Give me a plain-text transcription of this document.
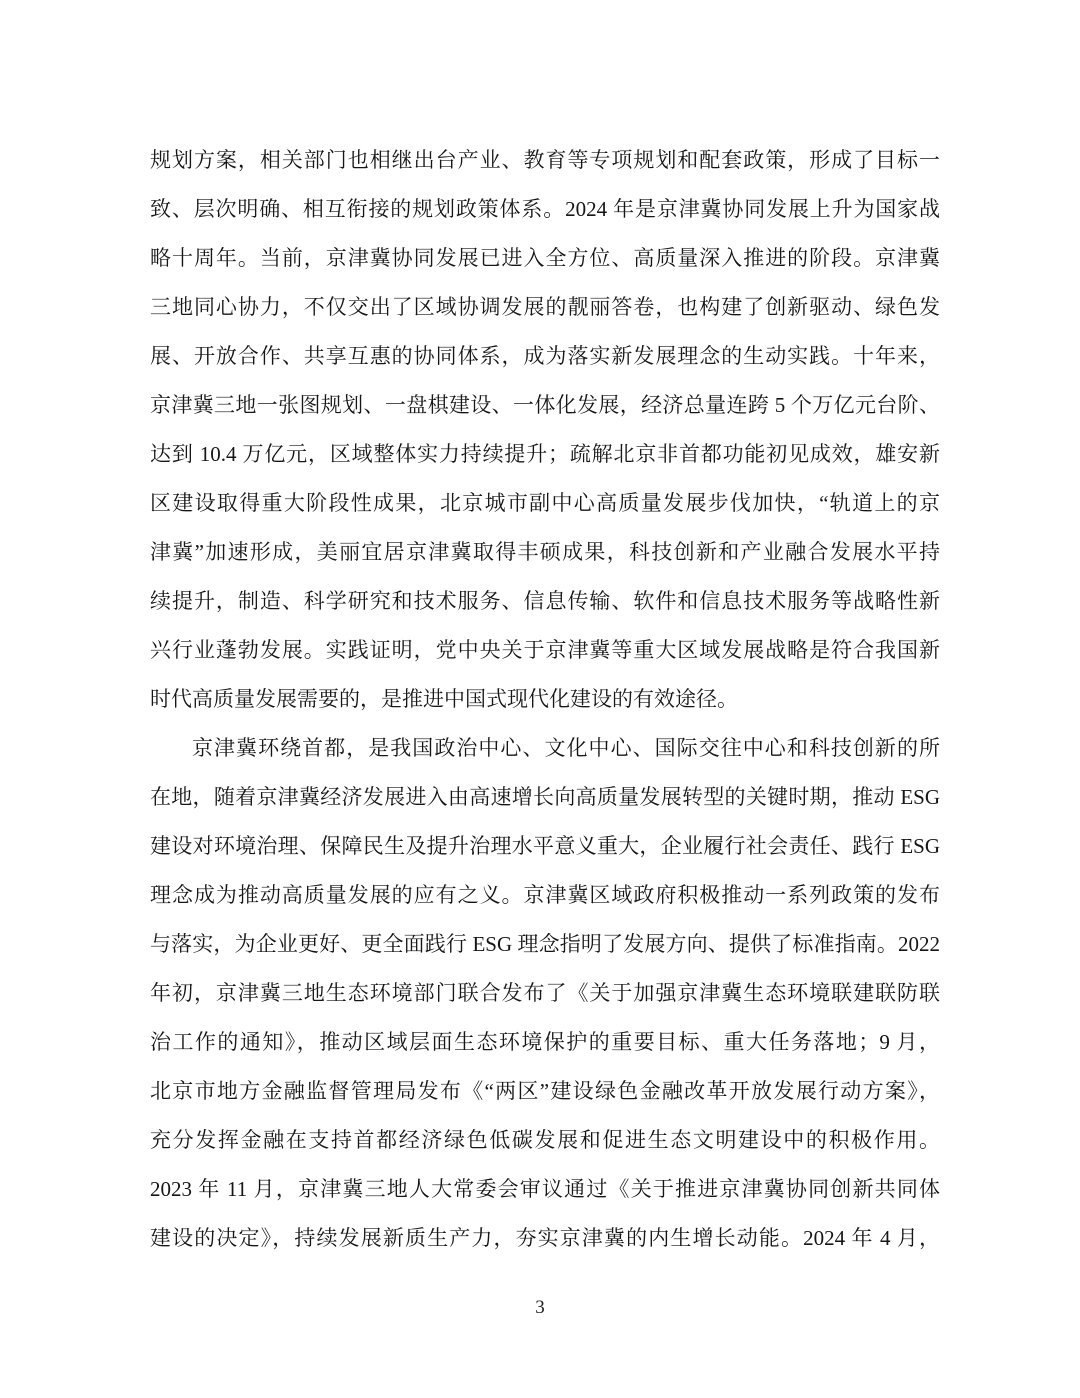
规划方案，相关部门也相继出台产业、教育等专项规划和配套政策，形成了目标一

致、层次明确、相互衔接的规划政策体系。2024 年是京津冀协同发展上升为国家战

略十周年。当前，京津冀协同发展已进入全方位、高质量深入推进的阶段。京津冀

三地同心协力，不仅交出了区域协调发展的靓丽答卷，也构建了创新驱动、绿色发

展、开放合作、共享互惠的协同体系，成为落实新发展理念的生动实践。十年来，

京津冀三地一张图规划、一盘棋建设、一体化发展，经济总量连跨 5 个万亿元台阶、

达到 10.4 万亿元，区域整体实力持续提升；疏解北京非首都功能初见成效，雄安新

区建设取得重大阶段性成果，北京城市副中心高质量发展步伐加快，“轨道上的京

津冀”加速形成，美丽宜居京津冀取得丰硕成果，科技创新和产业融合发展水平持

续提升，制造、科学研究和技术服务、信息传输、软件和信息技术服务等战略性新

兴行业蓬勃发展。实践证明，党中央关于京津冀等重大区域发展战略是符合我国新

时代高质量发展需要的，是推进中国式现代化建设的有效途径。

京津冀环绕首都，是我国政治中心、文化中心、国际交往中心和科技创新的所

在地，随着京津冀经济发展进入由高速增长向高质量发展转型的关键时期，推动 ESG

建设对环境治理、保障民生及提升治理水平意义重大，企业履行社会责任、践行 ESG

理念成为推动高质量发展的应有之义。京津冀区域政府积极推动一系列政策的发布

与落实，为企业更好、更全面践行 ESG 理念指明了发展方向、提供了标准指南。2022

年初，京津冀三地生态环境部门联合发布了《关于加强京津冀生态环境联建联防联

治工作的通知》，推动区域层面生态环境保护的重要目标、重大任务落地；9 月，

北京市地方金融监督管理局发布《“两区”建设绿色金融改革开放发展行动方案》，

充分发挥金融在支持首都经济绿色低碳发展和促进生态文明建设中的积极作用。

2023 年 11 月，京津冀三地人大常委会审议通过《关于推进京津冀协同创新共同体

建设的决定》，持续发展新质生产力，夯实京津冀的内生增长动能。2024 年 4 月，

3
